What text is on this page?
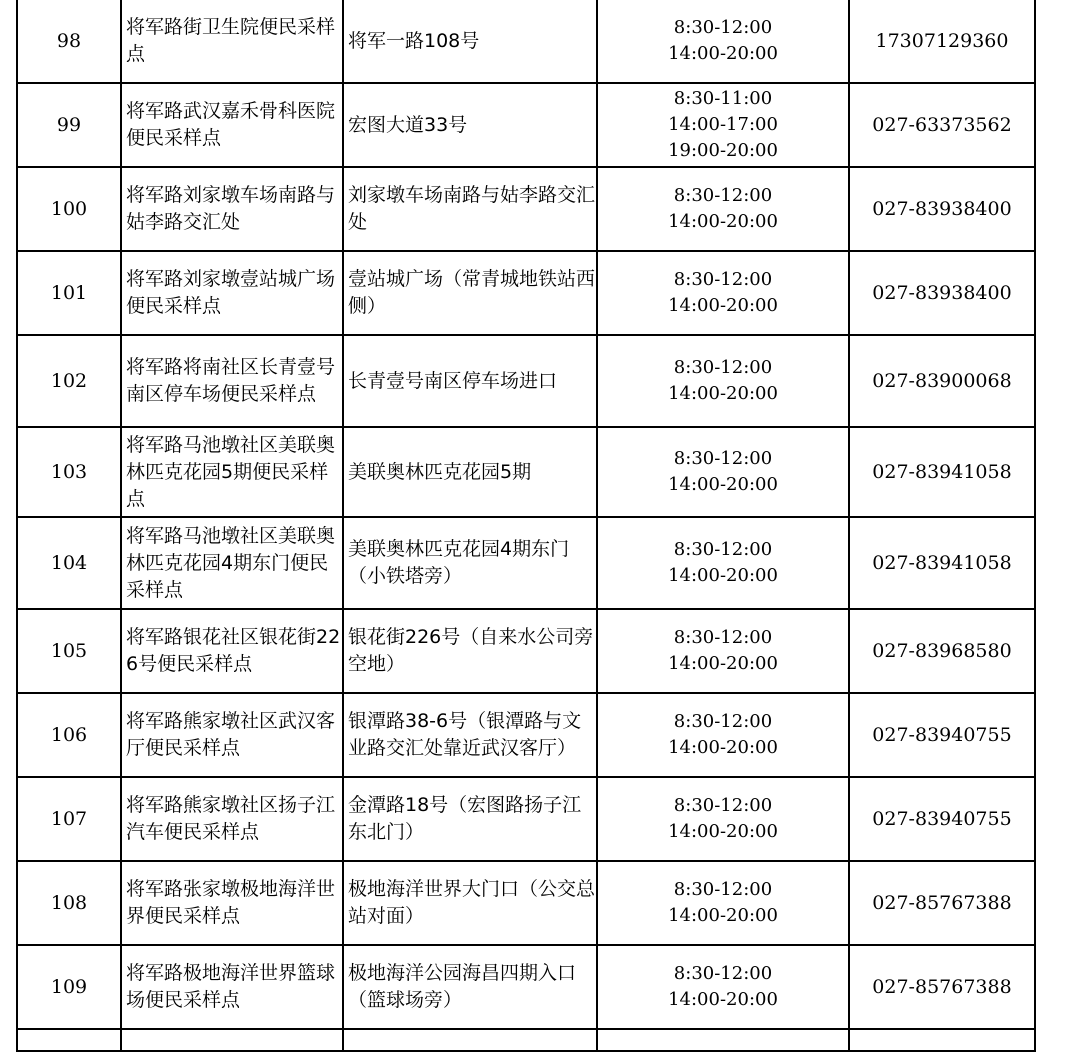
98	将军路街卫生院便民采样点	将军一路108号	8:30-12:00
14:00-20:00	17307129360
99	将军路武汉嘉禾骨科医院便民采样点	宏图大道33号	8:30-11:00
14:00-17:00
19:00-20:00	027-63373562
100	将军路刘家墩车场南路与姑李路交汇处	刘家墩车场南路与姑李路交汇处	8:30-12:00
14:00-20:00	027-83938400
101	将军路刘家墩壹站城广场便民采样点	壹站城广场（常青城地铁站西侧）	8:30-12:00
14:00-20:00	027-83938400
102	将军路将南社区长青壹号南区停车场便民采样点	长青壹号南区停车场进口	8:30-12:00
14:00-20:00	027-83900068
103	将军路马池墩社区美联奥林匹克花园5期便民采样点	美联奥林匹克花园5期	8:30-12:00
14:00-20:00	027-83941058
104	将军路马池墩社区美联奥林匹克花园4期东门便民采样点	美联奥林匹克花园4期东门（小铁塔旁）	8:30-12:00
14:00-20:00	027-83941058
105	将军路银花社区银花街226号便民采样点	银花街226号（自来水公司旁空地）	8:30-12:00
14:00-20:00	027-83968580
106	将军路熊家墩社区武汉客厅便民采样点	银潭路38-6号（银潭路与文业路交汇处靠近武汉客厅）	8:30-12:00
14:00-20:00	027-83940755
107	将军路熊家墩社区扬子江汽车便民采样点	金潭路18号（宏图路扬子江东北门）	8:30-12:00
14:00-20:00	027-83940755
108	将军路张家墩极地海洋世界便民采样点	极地海洋世界大门口（公交总站对面）	8:30-12:00
14:00-20:00	027-85767388
109	将军路极地海洋世界篮球场便民采样点	极地海洋公园海昌四期入口（篮球场旁）	8:30-12:00
14:00-20:00	027-85767388
